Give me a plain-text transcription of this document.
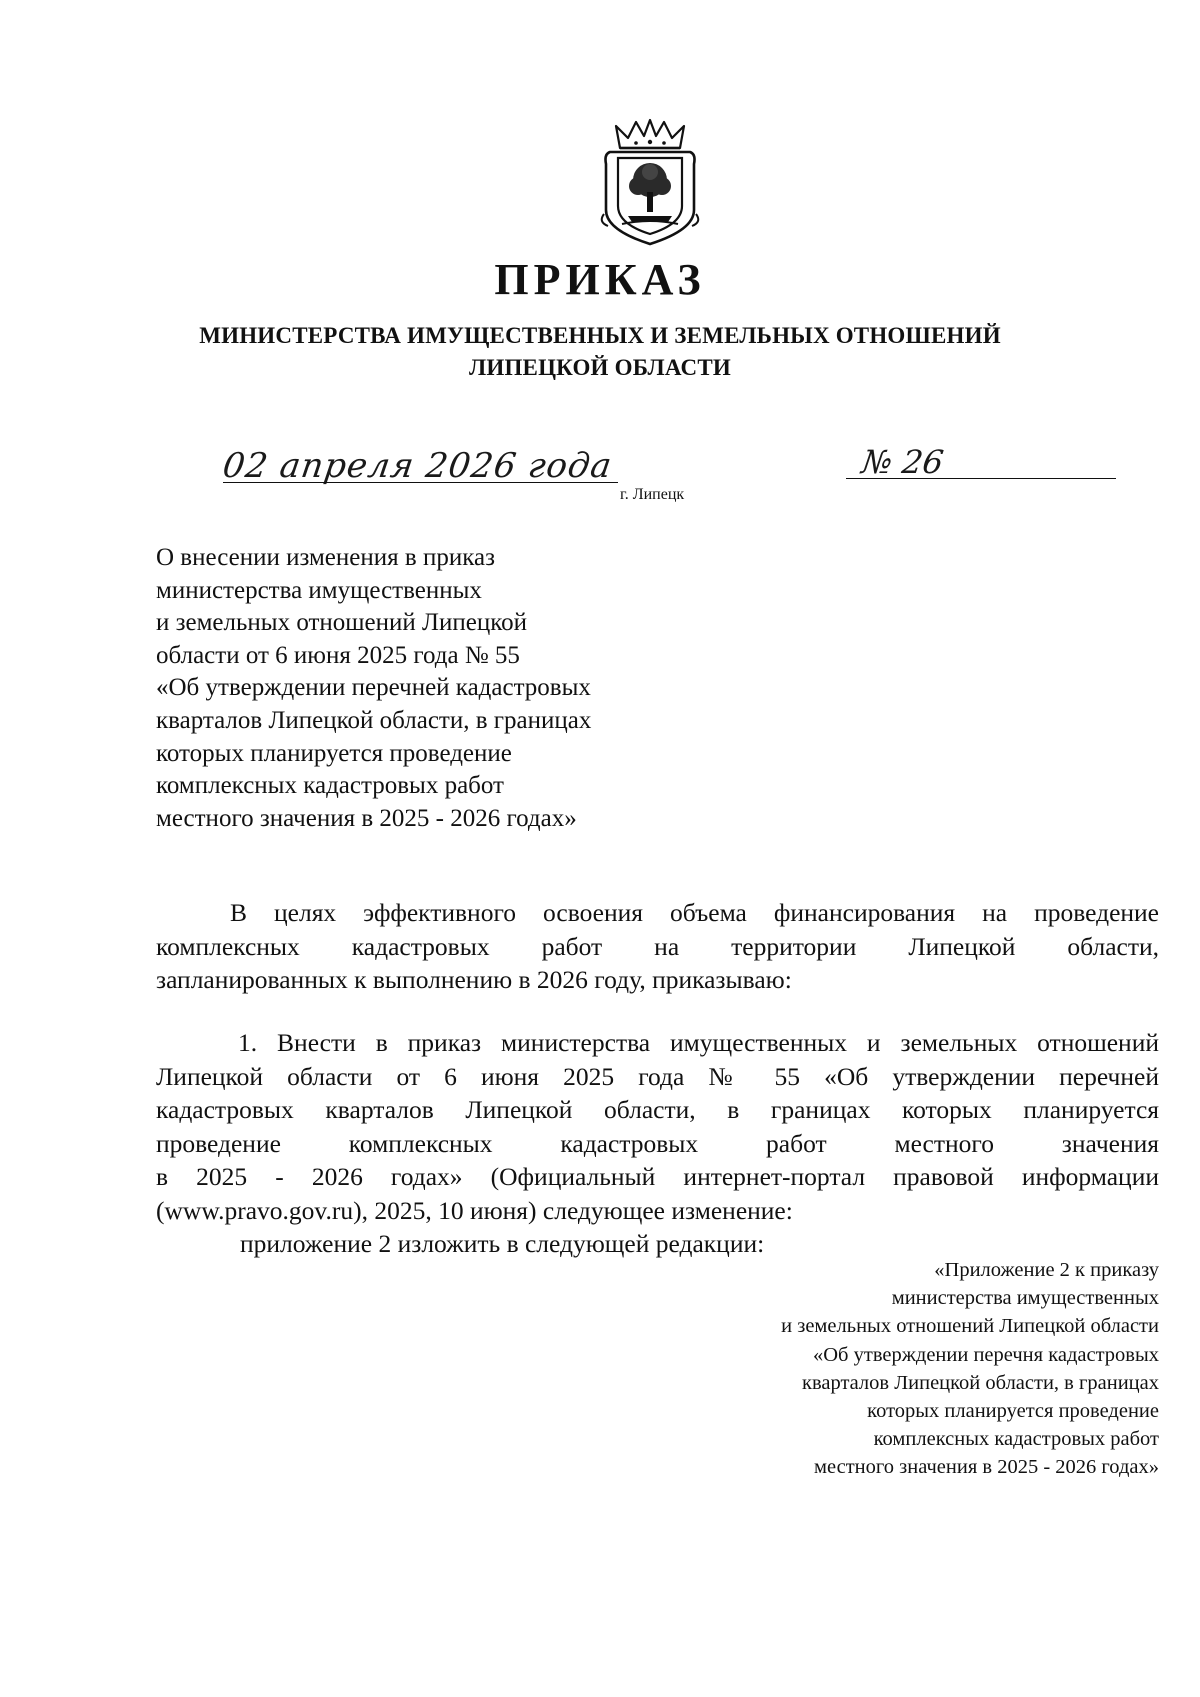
ПРИКАЗ
МИНИСТЕРСТВА ИМУЩЕСТВЕННЫХ И ЗЕМЕЛЬНЫХ ОТНОШЕНИЙ
ЛИПЕЦКОЙ ОБЛАСТИ
02 апреля 2026 года
г. Липецк
№ 26
О внесении изменения в приказ
министерства имущественных
и земельных отношений Липецкой
области от 6 июня 2025 года № 55
«Об утверждении перечней кадастровых
кварталов Липецкой области, в границах
которых планируется проведение
комплексных кадастровых работ
местного значения в 2025 - 2026 годах»
В целях эффективного освоения объема финансирования на проведение
комплексных кадастровых работ на территории Липецкой области,
запланированных к выполнению в 2026 году, приказываю:
1. Внести в приказ министерства имущественных и земельных отношений
Липецкой области от 6 июня 2025 года № 55 «Об утверждении перечней
кадастровых кварталов Липецкой области, в границах которых планируется
проведение комплексных кадастровых работ местного значения
в 2025 - 2026 годах» (Официальный интернет-портал правовой информации
(www.pravo.gov.ru), 2025, 10 июня) следующее изменение:
приложение 2 изложить в следующей редакции:
«Приложение 2 к приказу
министерства имущественных
и земельных отношений Липецкой области
«Об утверждении перечня кадастровых
кварталов Липецкой области, в границах
которых планируется проведение
комплексных кадастровых работ
местного значения в 2025 - 2026 годах»
